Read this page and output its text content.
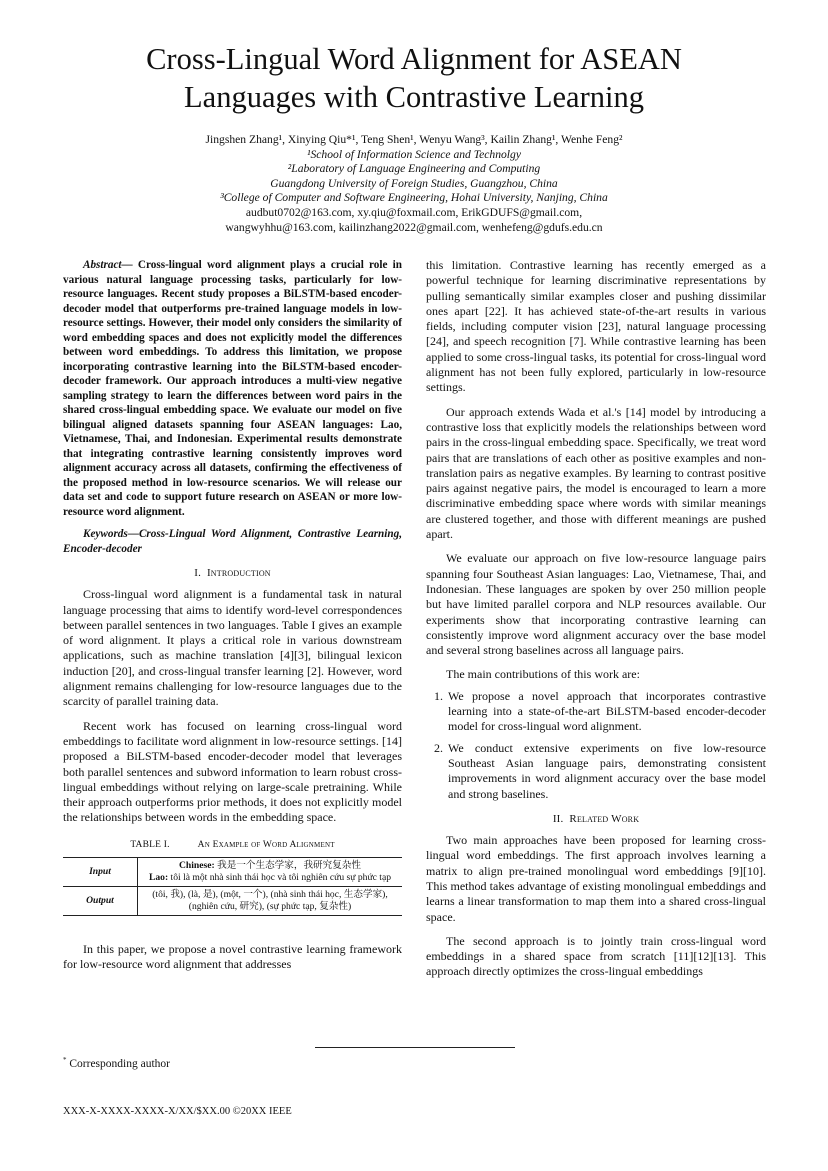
Cross-Lingual Word Alignment for ASEAN
Languages with Contrastive Learning
Jingshen Zhang¹, Xinying Qiu*¹, Teng Shen¹, Wenyu Wang³, Kailin Zhang¹, Wenhe Feng²
¹School of Information Science and Technolgy
²Laboratory of Language Engineering and Computing
Guangdong University of Foreign Studies, Guangzhou, China
³College of Computer and Software Engineering, Hohai University, Nanjing, China
audbut0702@163.com, xy.qiu@foxmail.com, ErikGDUFS@gmail.com,
wangwyhhu@163.com, kailinzhang2022@gmail.com, wenhefeng@gdufs.edu.cn

Abstract— Cross-lingual word alignment plays a crucial role in various natural language processing tasks, particularly for low-resource languages. Recent study proposes a BiLSTM-based encoder-decoder model that outperforms pre-trained language models in low-resource settings. However, their model only considers the similarity of word embedding spaces and does not explicitly model the differences between word embeddings. To address this limitation, we propose incorporating contrastive learning into the BiLSTM-based encoder-decoder framework. Our approach introduces a multi-view negative sampling strategy to learn the differences between word pairs in the shared cross-lingual embedding space. We evaluate our model on five bilingual aligned datasets spanning four ASEAN languages: Lao, Vietnamese, Thai, and Indonesian. Experimental results demonstrate that integrating contrastive learning consistently improves word alignment accuracy across all datasets, confirming the effectiveness of the proposed method in low-resource scenarios. We will release our data set and code to support future research on ASEAN or more low-resource word alignment.

Keywords—Cross-Lingual Word Alignment, Contrastive Learning, Encoder-decoder

I. Introduction

Cross-lingual word alignment is a fundamental task in natural language processing that aims to identify word-level correspondences between parallel sentences in two languages. Table I gives an example of word alignment. It plays a critical role in various downstream applications, such as machine translation [4][3], bilingual lexicon induction [20], and cross-lingual transfer learning [2]. However, word alignment remains challenging for low-resource languages due to the scarcity of parallel training data.

Recent work has focused on learning cross-lingual word embeddings to facilitate word alignment in low-resource settings. [14] proposed a BiLSTM-based encoder-decoder model that leverages both parallel sentences and subword information to learn robust cross-lingual embeddings without relying on large-scale pretraining. While their approach outperforms prior methods, it does not explicitly model the relationships between words in the embedding space.

TABLE I.	An Example of Word Alignment

Input	Chinese: 我是一个生态学家，我研究复杂性
Lao: tôi là một nhà sinh thái học và tôi nghiên cứu sự phức tạp

Output	(tôi, 我), (là, 是), (một, 一个), (nhà sinh thái học, 生态学家),
(nghiên cứu, 研究), (sự phức tạp, 复杂性)

In this paper, we propose a novel contrastive learning framework for low-resource word alignment that addresses

this limitation. Contrastive learning has recently emerged as a powerful technique for learning discriminative representations by pulling semantically similar examples closer and pushing dissimilar ones apart [22]. It has achieved state-of-the-art results in various fields, including computer vision [23], natural language processing [24], and speech recognition [7]. While contrastive learning has been applied to some cross-lingual tasks, its potential for cross-lingual word alignment has not been fully explored, particularly in low-resource settings.

Our approach extends Wada et al.'s [14] model by introducing a contrastive loss that explicitly models the relationships between word pairs in the cross-lingual embedding space. Specifically, we treat word pairs that are translations of each other as positive examples and non-translation pairs as negative examples. By learning to contrast positive pairs against negative pairs, the model is encouraged to learn a more discriminative embedding space where words with similar meanings are clustered together, and those with different meanings are pushed apart.

We evaluate our approach on five low-resource language pairs spanning four Southeast Asian languages: Lao, Vietnamese, Thai, and Indonesian. These languages are spoken by over 250 million people but have limited parallel corpora and NLP resources available. Our experiments show that incorporating contrastive learning can consistently improve word alignment accuracy over the base model and several strong baselines across all language pairs.

The main contributions of this work are:

1. We propose a novel approach that incorporates contrastive learning into a state-of-the-art BiLSTM-based encoder-decoder model for cross-lingual word alignment.
2. We conduct extensive experiments on five low-resource Southeast Asian language pairs, demonstrating consistent improvements in word alignment accuracy over the base model and strong baselines.

II. Related Work

Two main approaches have been proposed for learning cross-lingual word embeddings. The first approach involves learning a matrix to align pre-trained monolingual word embeddings [9][10]. This method takes advantage of existing monolingual embeddings and learns a linear transformation to map them into a shared cross-lingual space.

The second approach is to jointly train cross-lingual word embeddings in a shared space from scratch [11][12][13]. This approach directly optimizes the cross-lingual embeddings

* Corresponding author
XXX-X-XXXX-XXXX-X/XX/$XX.00 ©20XX IEEE
